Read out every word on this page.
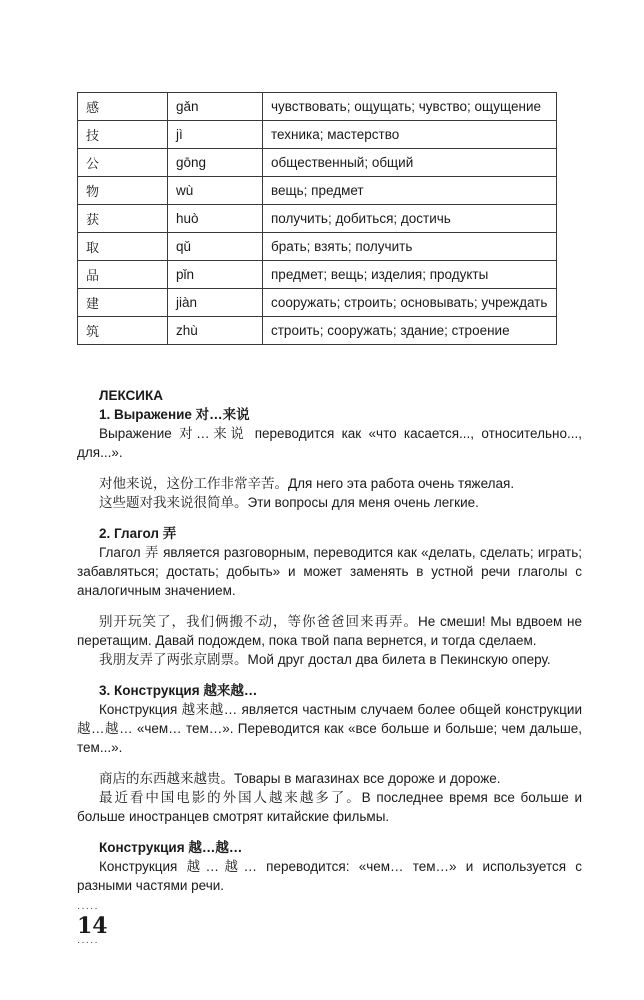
感	gǎn	чувствовать; ощущать; чувство; ощущение
技	jì	техника; мастерство
公	gōng	общественный; общий
物	wù	вещь; предмет
获	huò	получить; добиться; достичь
取	qǔ	брать; взять; получить
品	pǐn	предмет; вещь; изделия; продукты
建	jiàn	сооружать; строить; основывать; учреждать
筑	zhù	строить; сооружать; здание; строение

ЛЕКСИКА

1. Выражение 对…来说

Выражение 对…来说 переводится как «что касается..., относительно..., для...».

对他来说，这份工作非常辛苦。Для него эта работа очень тяжелая.

这些题对我来说很简单。Эти вопросы для меня очень легкие.

2. Глагол 弄

Глагол 弄 является разговорным, переводится как «делать, сделать; играть; забавляться; достать; добыть» и может заменять в устной речи глаголы с аналогичным значением.

别开玩笑了，我们俩搬不动，等你爸爸回来再弄。Не смеши! Мы вдвоем не перетащим. Давай подождем, пока твой папа вернется, и тогда сделаем.

我朋友弄了两张京剧票。Мой друг достал два билета в Пекинскую оперу.

3. Конструкция 越来越…

Конструкция 越来越… является частным случаем более общей конструкции 越…越… «чем… тем…». Переводится как «все больше и больше; чем дальше, тем...».

商店的东西越来越贵。Товары в магазинах все дороже и дороже.

最近看中国电影的外国人越来越多了。В последнее время все больше и больше иностранцев смотрят китайские фильмы.

Конструкция 越…越…

Конструкция 越…越… переводится: «чем… тем…» и используется с разными частями речи.

·····
14
·····
